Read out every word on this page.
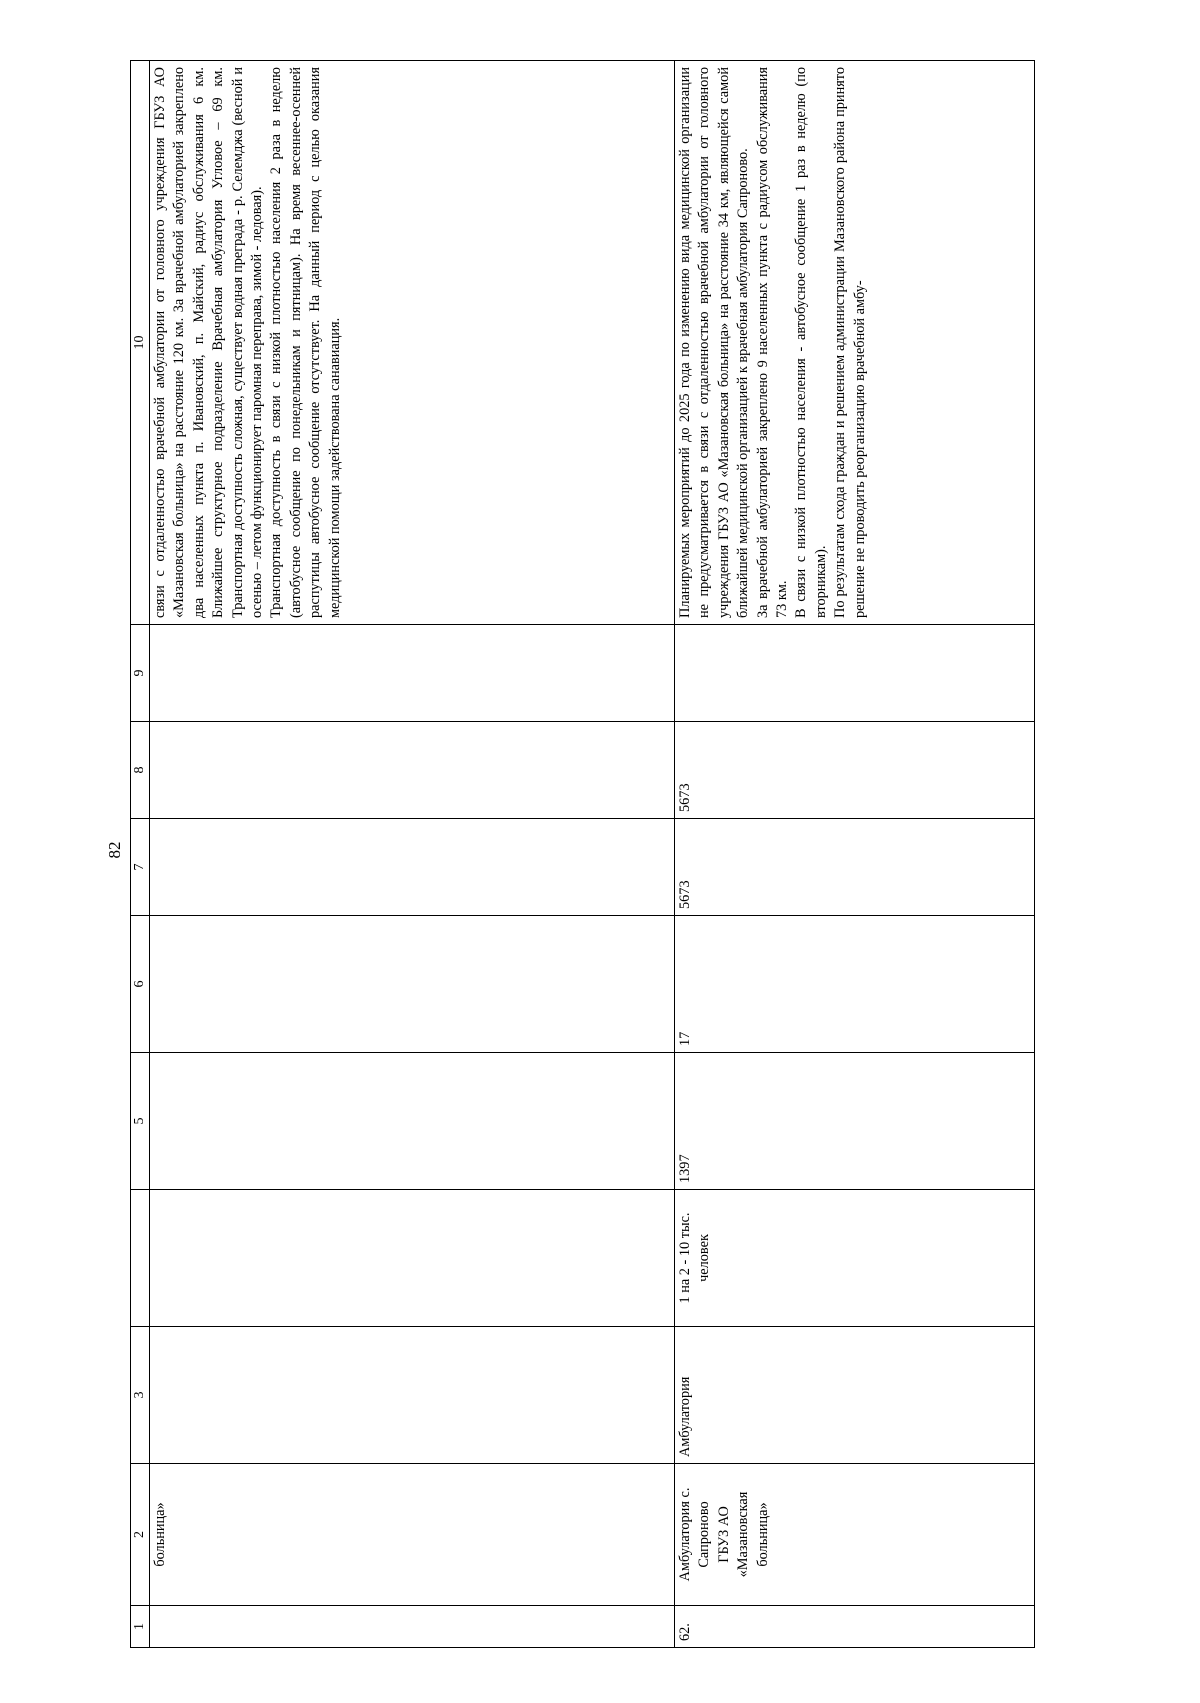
82
1	2	3		5	6	7	8	9	10
	больница»								связи с отдаленностью врачебной амбулатории от головного учреждения ГБУЗ АО «Мазановская больница» на расстояние 120 км. За врачебной амбулаторией закреплено два населенных пункта п. Ивановский, п. Майский, радиус обслуживания 6 км. Ближайшее структурное подразделение Врачебная амбулатория Угловое – 69 км. Транспортная доступность сложная, существует водная преграда - р. Селемджа (весной и осенью – летом функционирует паромная переправа, зимой - ледовая). Транспортная доступность в связи с низкой плотностью населения 2 раза в неделю (автобусное сообщение по понедельникам и пятницам). На время весеннее-осенней распутицы автобусное сообщение отсутствует. На данный период с целью оказания медицинской помощи задействована санавиация.

62.	Амбулатория с. Сапроново ГБУЗ АО «Мазановская больница»	Амбулатория	1 на 2 - 10 тыс. человек	1397	17	5673	5673		Планируемых мероприятий до 2025 года по изменению вида медицинской организации не предусматривается в связи с отдаленностью врачебной амбулатории от головного учреждения ГБУЗ АО «Мазановская больница» на расстояние 34 км, являющейся самой ближайшей медицинской организацией к врачебная амбулатория Сапроново. За врачебной амбулаторией закреплено 9 населенных пункта с радиусом обслуживания 73 км. В связи с низкой плотностью населения - автобусное сообщение 1 раз в неделю (по вторникам). По результатам схода граждан и решением администрации Мазановского района принято решение не проводить реорганизацию врачебной амбу-
